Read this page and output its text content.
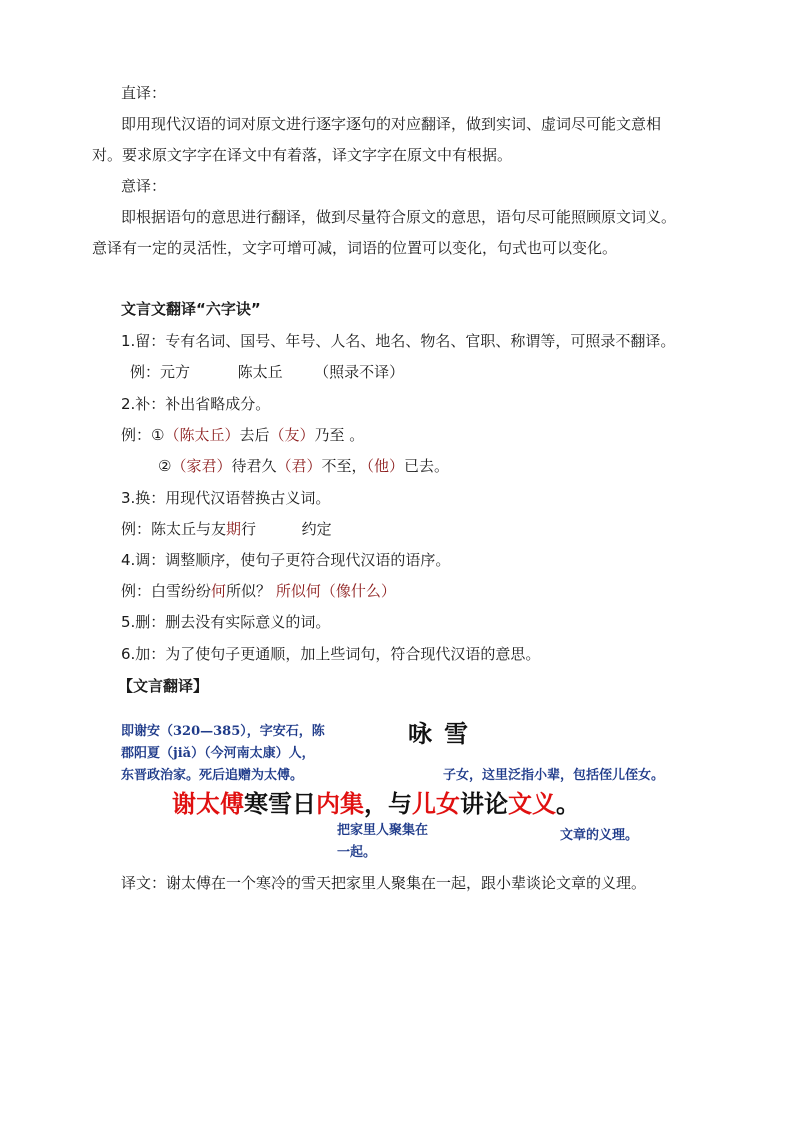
直译：
即用现代汉语的词对原文进行逐字逐句的对应翻译，做到实词、虚词尽可能文意相
对。要求原文字字在译文中有着落，译文字字在原文中有根据。
意译：
即根据语句的意思进行翻译，做到尽量符合原文的意思，语句尽可能照顾原文词义。
意译有一定的灵活性，文字可增可减，词语的位置可以变化，句式也可以变化。
文言文翻译“六字诀”
1.留：专有名词、国号、年号、人名、地名、物名、官职、称谓等，可照录不翻译。
例：元方	陈太丘 （照录不译）
2.补：补出省略成分。
例：①（陈太丘）去后（友）乃至 。
②（家君）待君久（君）不至，（他）已去。
3.换：用现代汉语替换古义词。
例：陈太丘与友期行	约定
4.调：调整顺序，使句子更符合现代汉语的语序。
例：白雪纷纷何所似？ 所似何（像什么）
5.删：删去没有实际意义的词。
6.加：为了使句子更通顺，加上些词句，符合现代汉语的意思。
【文言翻译】
咏雪
即谢安（320—385），字安石，陈
郡阳夏（jiǎ）（今河南太康）人，
东晋政治家。死后追赠为太傅。	子女，这里泛指小辈，包括侄儿侄女。
谢太傅寒雪日内集，与儿女讲论文义。
把家里人聚集在
一起。
文章的义理。
译文：谢太傅在一个寒冷的雪天把家里人聚集在一起，跟小辈谈论文章的义理。
